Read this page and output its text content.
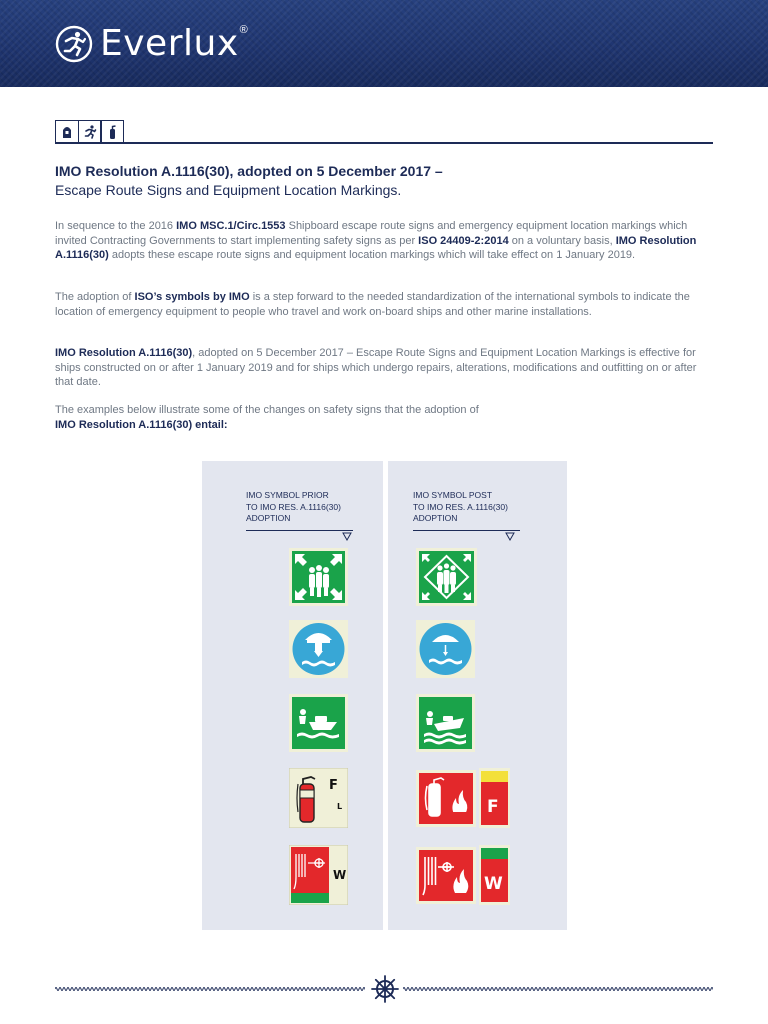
Everlux ®
IMO Resolution A.1116(30), adopted on 5 December 2017 –
Escape Route Signs and Equipment Location Markings.

In sequence to the 2016 IMO MSC.1/Circ.1553 Shipboard escape route signs and emergency equipment location markings which invited Contracting Governments to start implementing safety signs as per ISO 24409-2:2014 on a voluntary basis, IMO Resolution A.1116(30) adopts these escape route signs and equipment location markings which will take effect on 1 January 2019.

The adoption of ISO’s symbols by IMO is a step forward to the needed standardization of the international symbols to indicate the location of emergency equipment to people who travel and work on-board ships and other marine installations.

IMO Resolution A.1116(30), adopted on 5 December 2017 – Escape Route Signs and Equipment Location Markings is effective for ships constructed on or after 1 January 2019 and for ships which undergo repairs, alterations, modifications and outfitting on or after that date.

The examples below illustrate some of the changes on safety signs that the adoption of
IMO Resolution A.1116(30) entail:

IMO SYMBOL PRIOR
TO IMO RES. A.1116(30)
ADOPTION
F
L
W
IMO SYMBOL POST
TO IMO RES. A.1116(30)
ADOPTION
F
W
